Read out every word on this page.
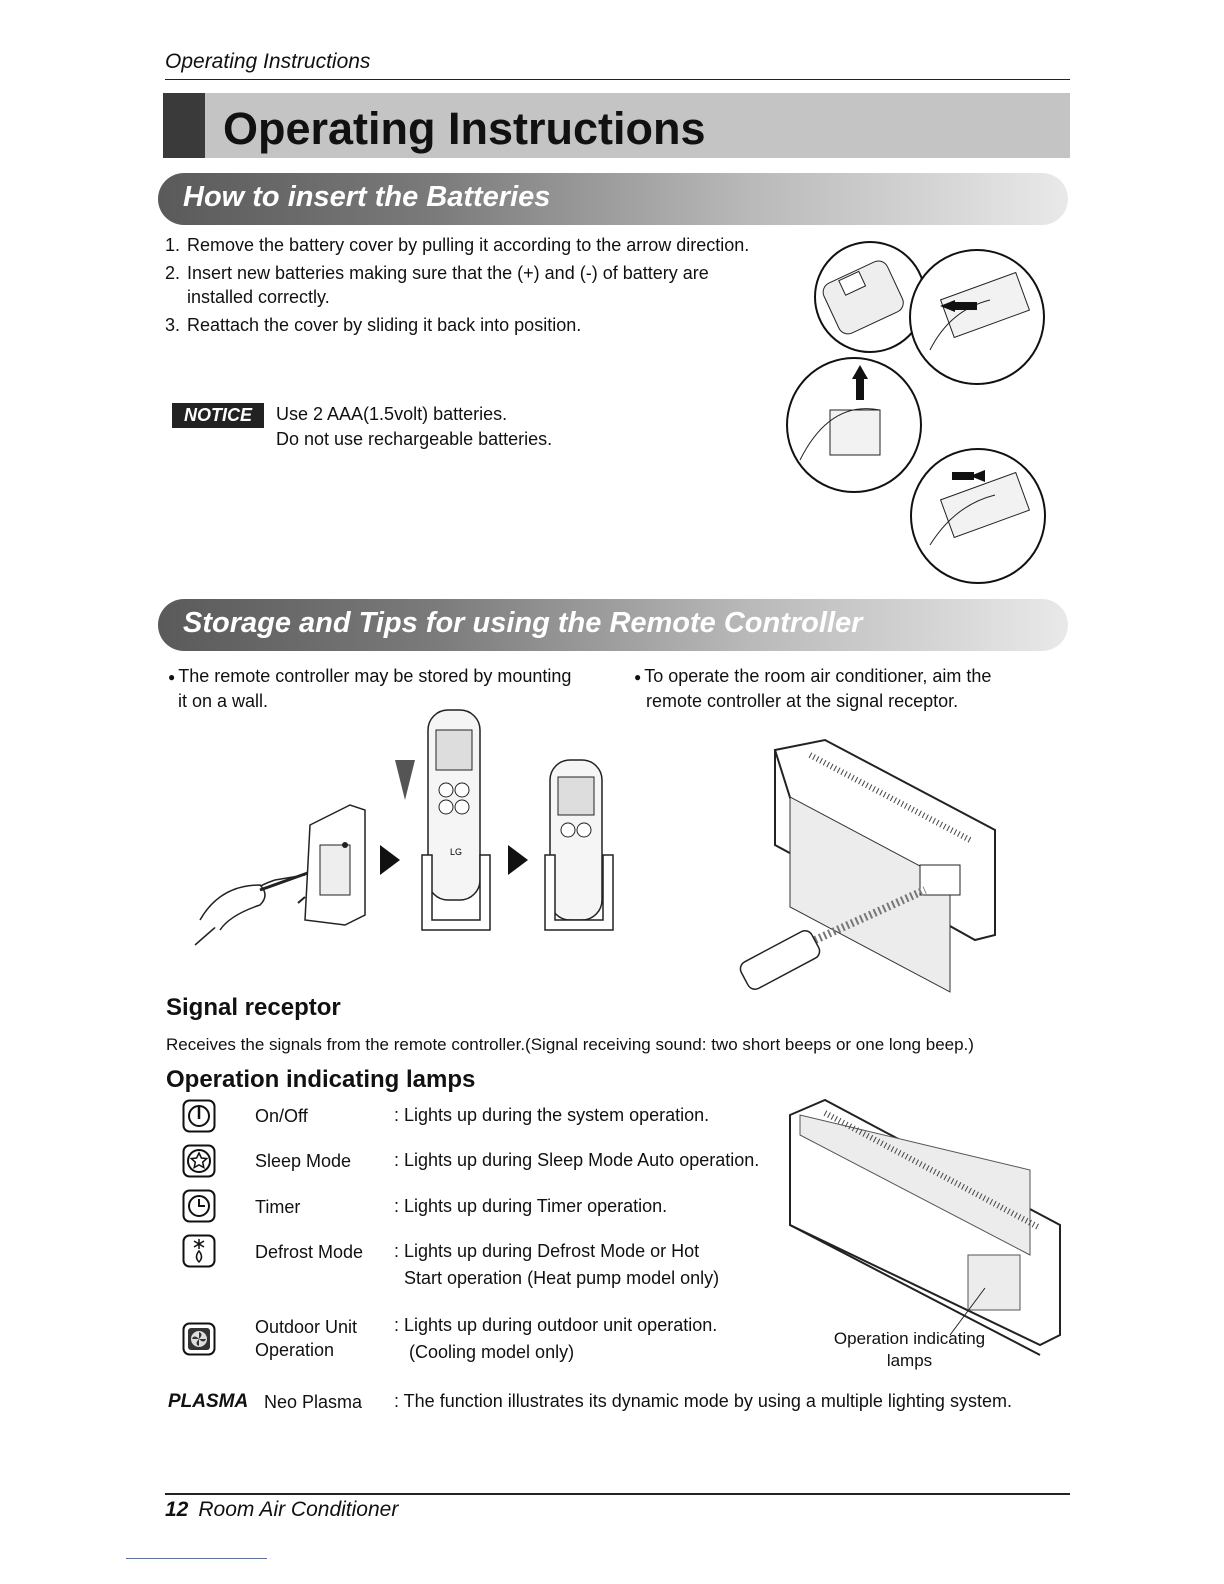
Operating Instructions
Operating Instructions
How to insert the Batteries
1. Remove the battery cover by pulling it according to the arrow direction.
2. Insert new batteries making sure that the (+) and (-) of battery are installed correctly.
3. Reattach the cover by sliding it back into position.
NOTICE	Use 2 AAA(1.5volt) batteries.
Do not use rechargeable batteries.
Storage and Tips for using the Remote Controller
● The remote controller may be stored by mounting
it on a wall.
● To operate the room air conditioner, aim the
remote controller at the signal receptor.
LG
Signal receptor
Receives the signals from the remote controller.(Signal receiving sound: two short beeps or one long beep.)
Operation indicating lamps
On/Off
Sleep Mode
Timer
Defrost Mode
Outdoor Unit
Operation
: Lights up during the system operation.
: Lights up during Sleep Mode Auto operation.
: Lights up during Timer operation.
: Lights up during Defrost Mode or Hot
Start operation (Heat pump model only)
: Lights up during outdoor unit operation.
(Cooling model only)
Operation indicating
lamps
PLASMA Neo Plasma : The function illustrates its dynamic mode by using a multiple lighting system.
12 Room Air Conditioner
